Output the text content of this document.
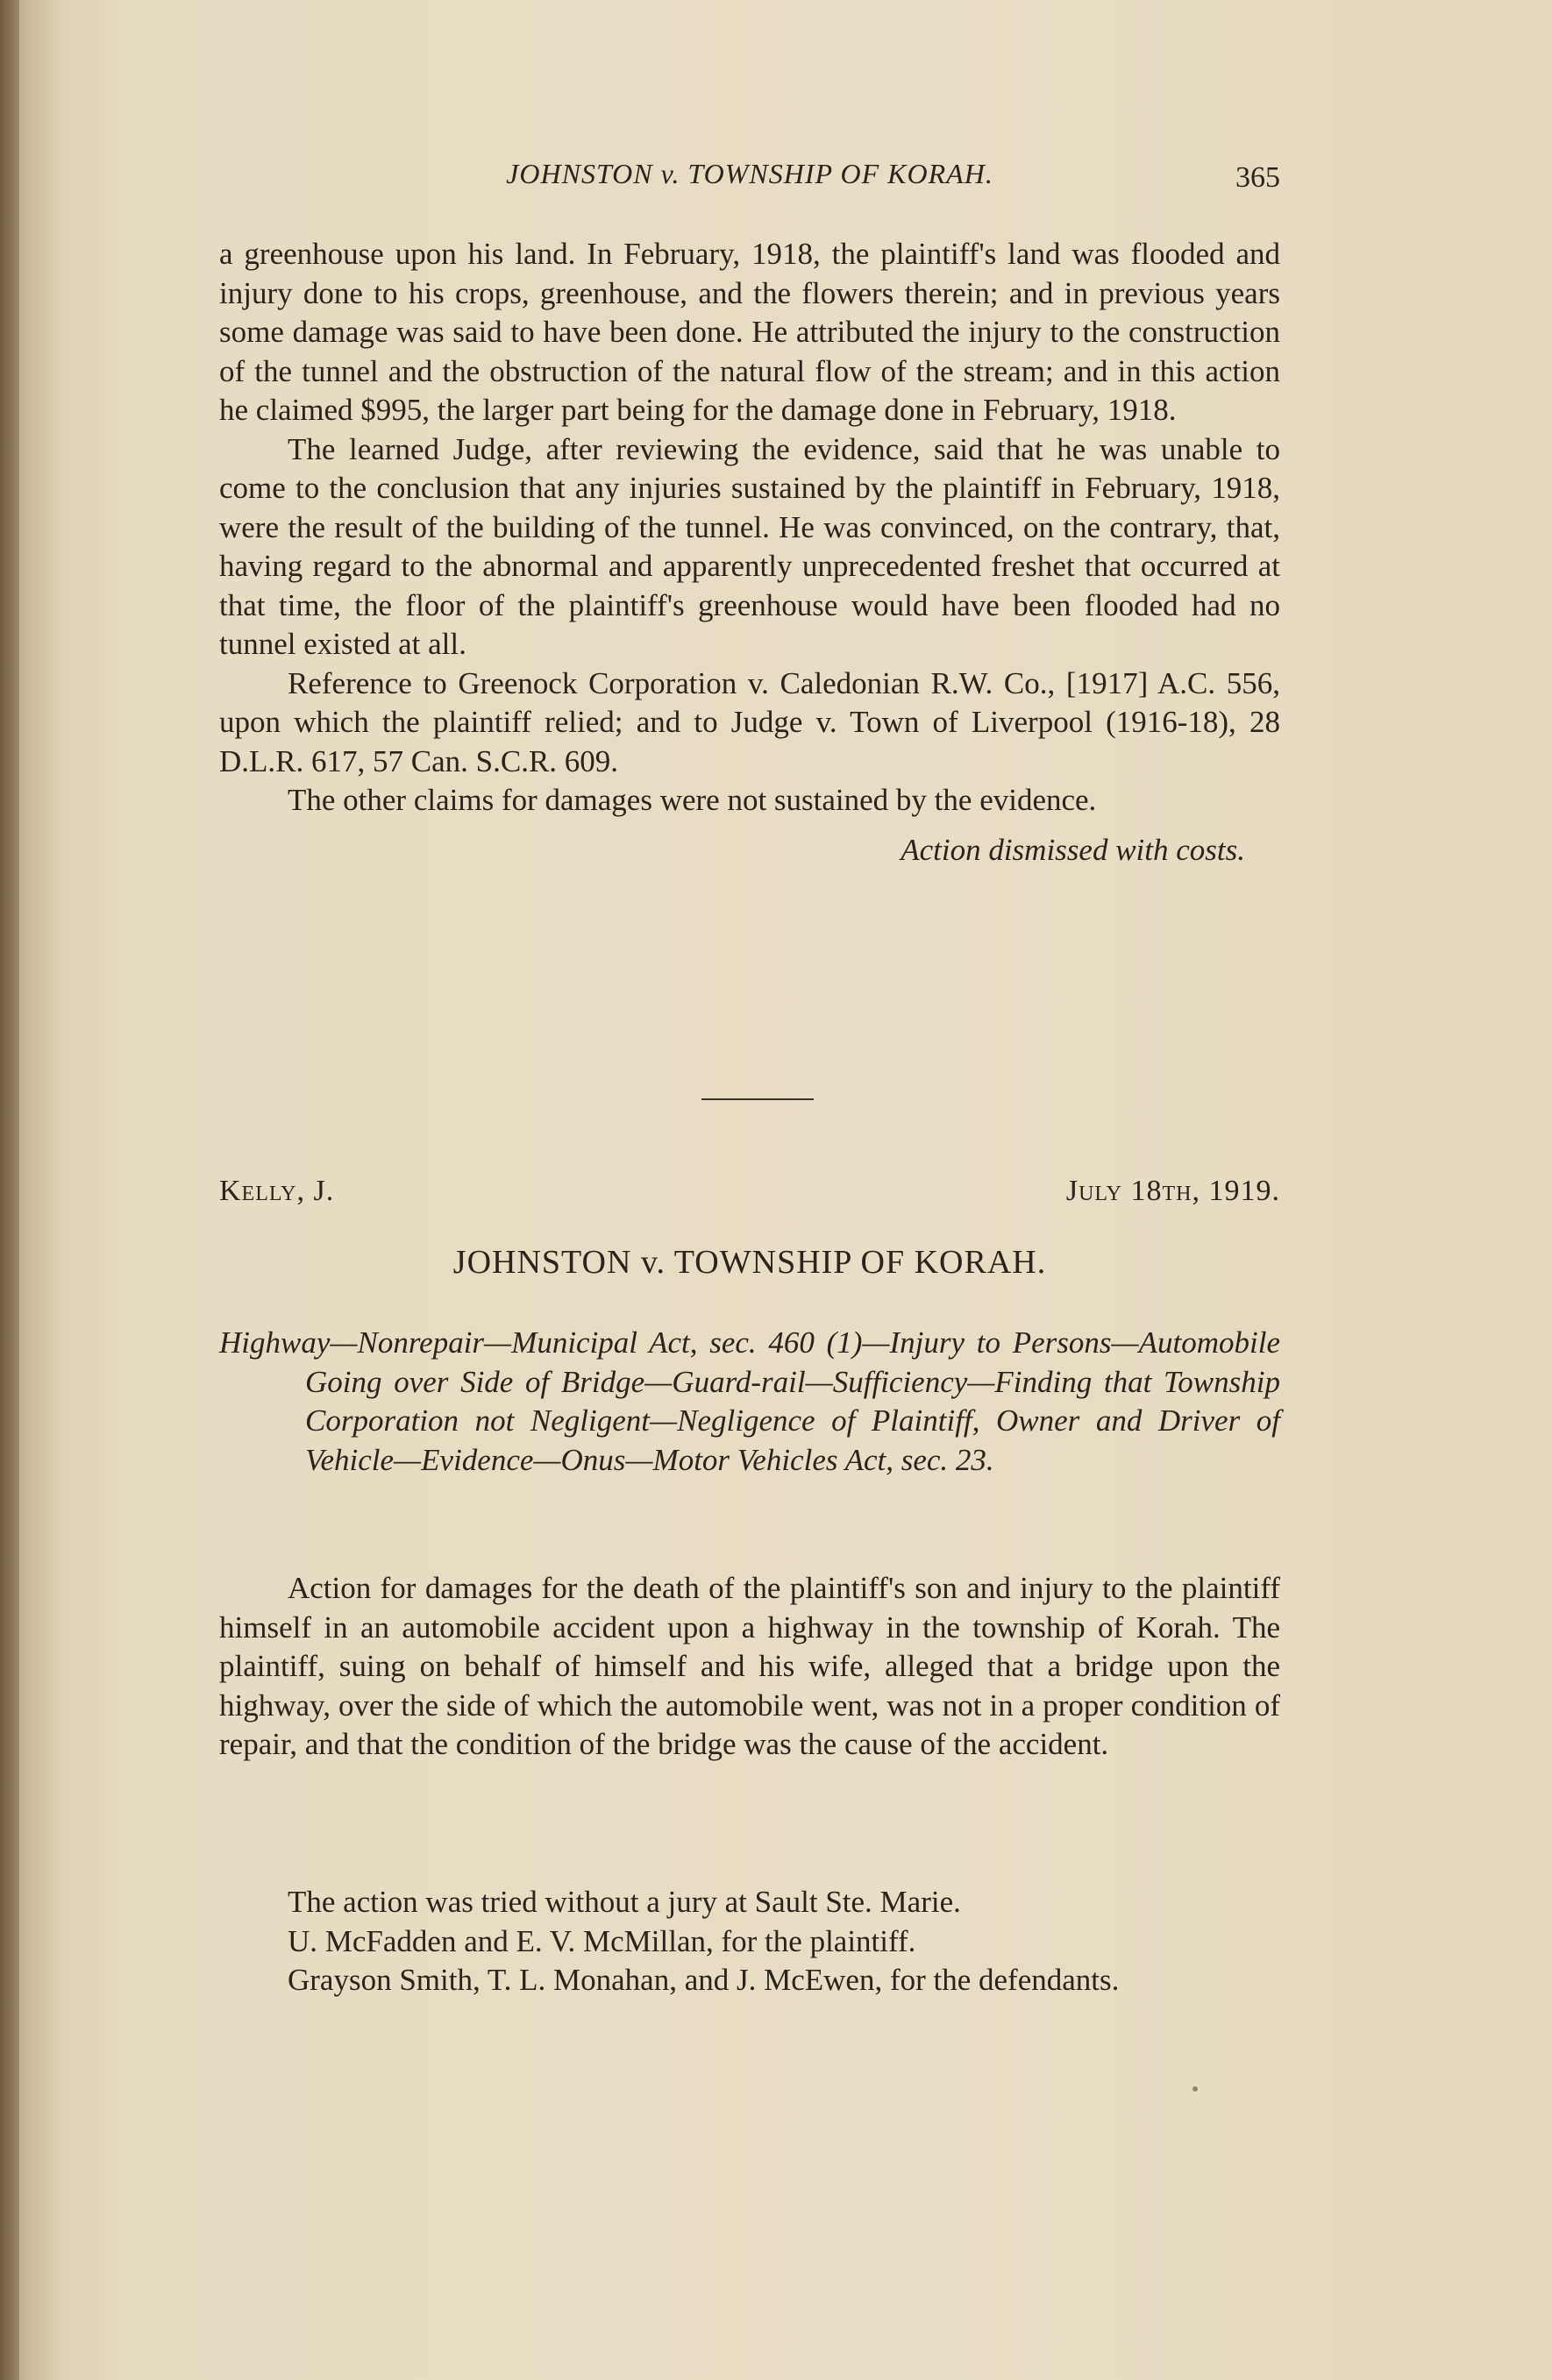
JOHNSTON v. TOWNSHIP OF KORAH.	365

a greenhouse upon his land. In February, 1918, the plaintiff's land was flooded and injury done to his crops, greenhouse, and the flowers therein; and in previous years some damage was said to have been done. He attributed the injury to the construction of the tunnel and the obstruction of the natural flow of the stream; and in this action he claimed $995, the larger part being for the damage done in February, 1918.

The learned Judge, after reviewing the evidence, said that he was unable to come to the conclusion that any injuries sustained by the plaintiff in February, 1918, were the result of the building of the tunnel. He was convinced, on the contrary, that, having regard to the abnormal and apparently unprecedented freshet that occurred at that time, the floor of the plaintiff's greenhouse would have been flooded had no tunnel existed at all.

Reference to Greenock Corporation v. Caledonian R.W. Co., [1917] A.C. 556, upon which the plaintiff relied; and to Judge v. Town of Liverpool (1916-18), 28 D.L.R. 617, 57 Can. S.C.R. 609.

The other claims for damages were not sustained by the evidence.

Action dismissed with costs.

Kelly, J.	July 18th, 1919.
JOHNSTON v. TOWNSHIP OF KORAH.

Highway—Nonrepair—Municipal Act, sec. 460 (1)—Injury to Persons—Automobile Going over Side of Bridge—Guard-rail—Sufficiency—Finding that Township Corporation not Negligent—Negligence of Plaintiff, Owner and Driver of Vehicle—Evidence—Onus—Motor Vehicles Act, sec. 23.

Action for damages for the death of the plaintiff's son and injury to the plaintiff himself in an automobile accident upon a highway in the township of Korah. The plaintiff, suing on behalf of himself and his wife, alleged that a bridge upon the highway, over the side of which the automobile went, was not in a proper condition of repair, and that the condition of the bridge was the cause of the accident.

The action was tried without a jury at Sault Ste. Marie.

U. McFadden and E. V. McMillan, for the plaintiff.

Grayson Smith, T. L. Monahan, and J. McEwen, for the defendants.
